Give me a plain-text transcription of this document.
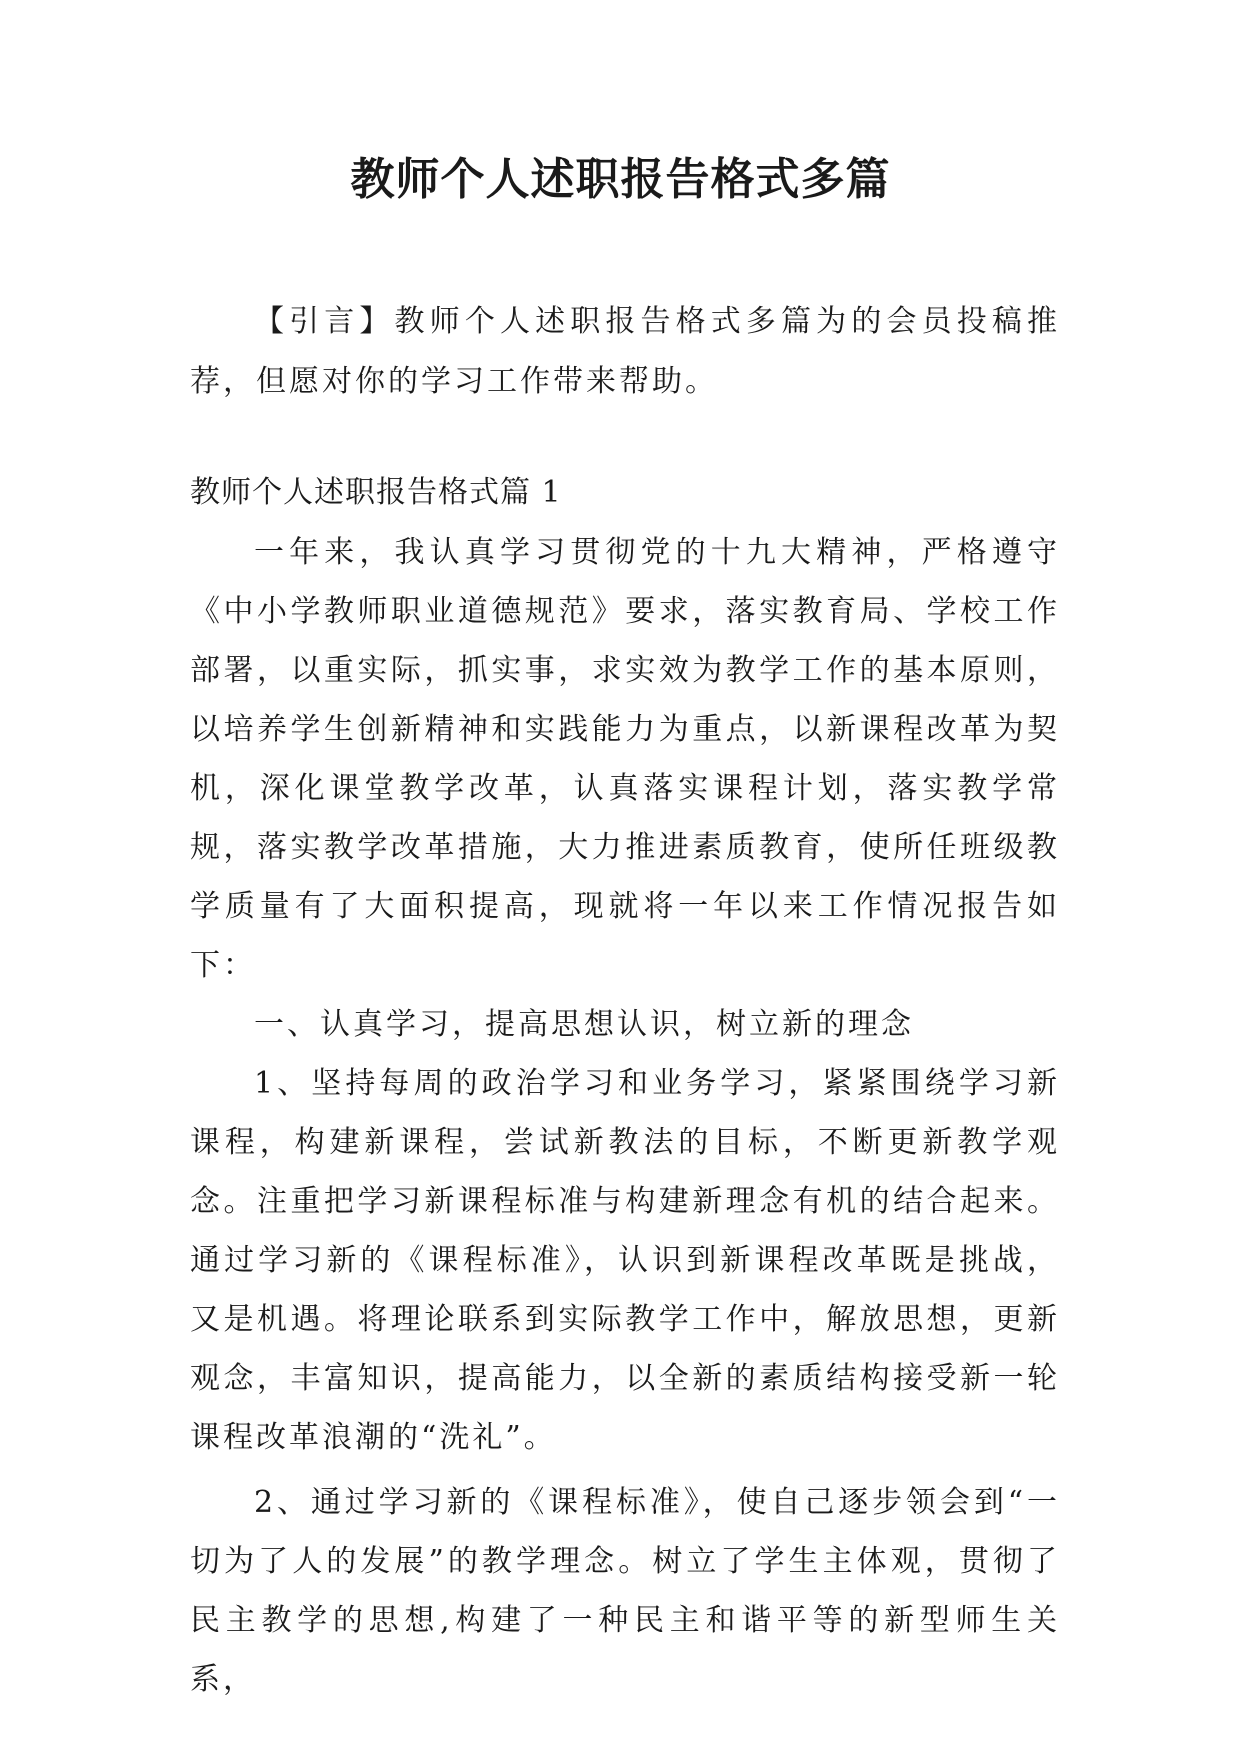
教师个人述职报告格式多篇

【引言】教师个人述职报告格式多篇为的会员投稿推荐，但愿对你的学习工作带来帮助。

教师个人述职报告格式篇 1

一年来，我认真学习贯彻党的十九大精神，严格遵守《中小学教师职业道德规范》要求，落实教育局、学校工作部署，以重实际，抓实事，求实效为教学工作的基本原则，以培养学生创新精神和实践能力为重点，以新课程改革为契机，深化课堂教学改革，认真落实课程计划，落实教学常规，落实教学改革措施，大力推进素质教育，使所任班级教学质量有了大面积提高，现就将一年以来工作情况报告如下：

一、认真学习，提高思想认识，树立新的理念

1、坚持每周的政治学习和业务学习，紧紧围绕学习新课程，构建新课程，尝试新教法的目标，不断更新教学观念。注重把学习新课程标准与构建新理念有机的结合起来。通过学习新的《课程标准》，认识到新课程改革既是挑战，又是机遇。将理论联系到实际教学工作中，解放思想，更新观念，丰富知识，提高能力，以全新的素质结构接受新一轮课程改革浪潮的“洗礼”。

2、通过学习新的《课程标准》，使自己逐步领会到“一切为了人的发展”的教学理念。树立了学生主体观，贯彻了民主教学的思想,构建了一种民主和谐平等的新型师生关系，
